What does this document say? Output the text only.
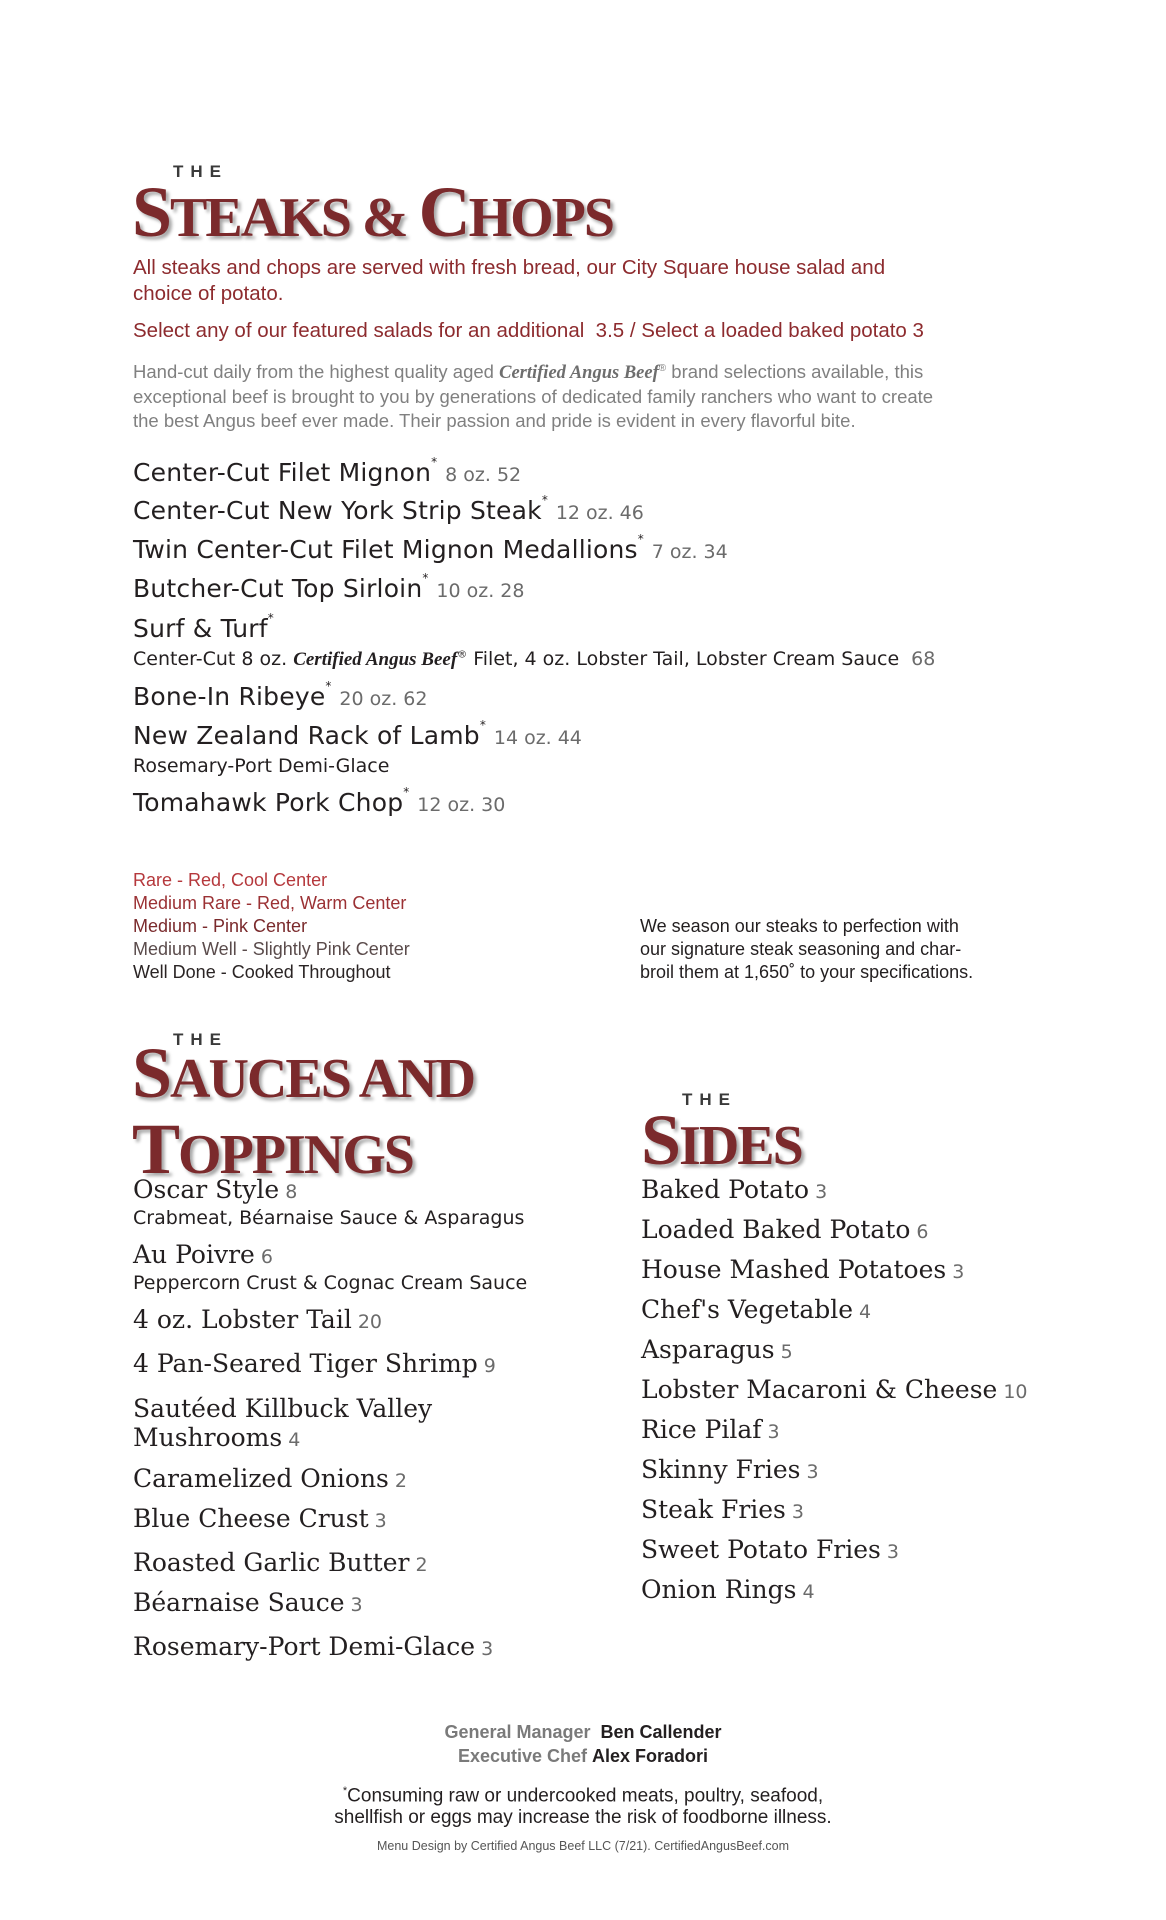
THE
STEAKS & CHOPS
All steaks and chops are served with fresh bread, our City Square house salad and
choice of potato.
Select any of our featured salads for an additional  3.5 / Select a loaded baked potato 3
Hand-cut daily from the highest quality aged Certified Angus Beef® brand selections available, this
exceptional beef is brought to you by generations of dedicated family ranchers who want to create
the best Angus beef ever made. Their passion and pride is evident in every flavorful bite.
Center-Cut Filet Mignon*8 oz. 52
Center-Cut New York Strip Steak*12 oz. 46
Twin Center-Cut Filet Mignon Medallions*7 oz. 34
Butcher-Cut Top Sirloin*10 oz. 28
Surf & Turf*
Center-Cut 8 oz. Certified Angus Beef® Filet, 4 oz. Lobster Tail, Lobster Cream Sauce 68
Bone-In Ribeye*20 oz. 62
New Zealand Rack of Lamb*14 oz. 44
Rosemary-Port Demi-Glace
Tomahawk Pork Chop*12 oz. 30
Rare - Red, Cool Center
Medium Rare - Red, Warm Center
Medium - Pink Center
Medium Well - Slightly Pink Center
Well Done - Cooked Throughout
We season our steaks to perfection with
our signature steak seasoning and char-
broil them at 1,650˚ to your specifications.
THE
SAUCES AND
TOPPINGS
Oscar Style 8
Crabmeat, Béarnaise Sauce & Asparagus
Au Poivre 6
Peppercorn Crust & Cognac Cream Sauce
4 oz. Lobster Tail 20
4 Pan-Seared Tiger Shrimp 9
Sautéed Killbuck Valley
Mushrooms 4
Caramelized Onions 2
Blue Cheese Crust 3
Roasted Garlic Butter 2
Béarnaise Sauce 3
Rosemary-Port Demi-Glace 3
THE
SIDES
Baked Potato 3
Loaded Baked Potato 6
House Mashed Potatoes 3
Chef's Vegetable 4
Asparagus 5
Lobster Macaroni & Cheese 10
Rice Pilaf 3
Skinny Fries 3
Steak Fries 3
Sweet Potato Fries 3
Onion Rings 4
General Manager Ben Callender
Executive Chef Alex Foradori
*Consuming raw or undercooked meats, poultry, seafood,
shellfish or eggs may increase the risk of foodborne illness.
Menu Design by Certified Angus Beef LLC (7/21). CertifiedAngusBeef.com
